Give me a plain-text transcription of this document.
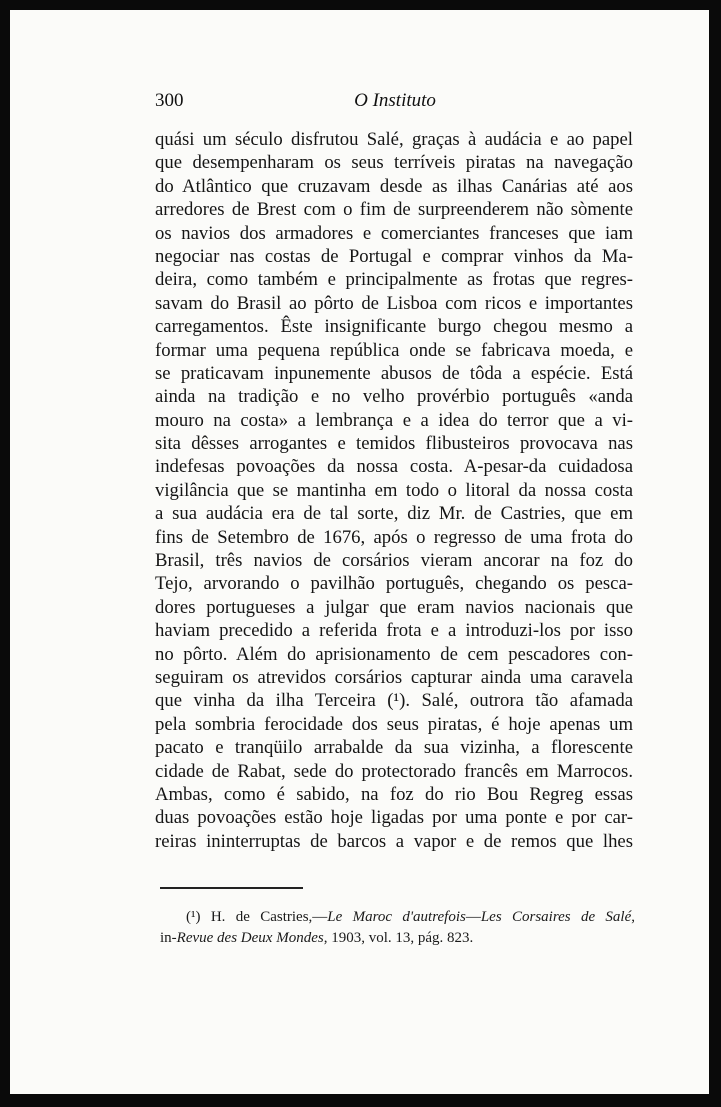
300	O Instituto
quási um século disfrutou Salé, graças à audácia e ao papel
que desempenharam os seus terríveis piratas na navegação
do Atlântico que cruzavam desde as ilhas Canárias até aos
arredores de Brest com o fim de surpreenderem não sòmente
os navios dos armadores e comerciantes franceses que iam
negociar nas costas de Portugal e comprar vinhos da Ma-
deira, como também e principalmente as frotas que regres-
savam do Brasil ao pôrto de Lisboa com ricos e importantes
carregamentos. Êste insignificante burgo chegou mesmo a
formar uma pequena república onde se fabricava moeda, e
se praticavam inpunemente abusos de tôda a espécie. Está
ainda na tradição e no velho provérbio português «anda
mouro na costa» a lembrança e a idea do terror que a vi-
sita dêsses arrogantes e temidos flibusteiros provocava nas
indefesas povoações da nossa costa. A-pesar-da cuidadosa
vigilância que se mantinha em todo o litoral da nossa costa
a sua audácia era de tal sorte, diz Mr. de Castries, que em
fins de Setembro de 1676, após o regresso de uma frota do
Brasil, três navios de corsários vieram ancorar na foz do
Tejo, arvorando o pavilhão português, chegando os pesca-
dores portugueses a julgar que eram navios nacionais que
haviam precedido a referida frota e a introduzi-los por isso
no pôrto. Além do aprisionamento de cem pescadores con-
seguiram os atrevidos corsários capturar ainda uma caravela
que vinha da ilha Terceira (¹). Salé, outrora tão afamada
pela sombria ferocidade dos seus piratas, é hoje apenas um
pacato e tranqüilo arrabalde da sua vizinha, a florescente
cidade de Rabat, sede do protectorado francês em Marrocos.
Ambas, como é sabido, na foz do rio Bou Regreg essas
duas povoações estão hoje ligadas por uma ponte e por car-
reiras ininterruptas de barcos a vapor e de remos que lhes
(¹) H. de Castries,—Le Maroc d'autrefois—Les Corsaires de Salé,
in-Revue des Deux Mondes, 1903, vol. 13, pág. 823.
